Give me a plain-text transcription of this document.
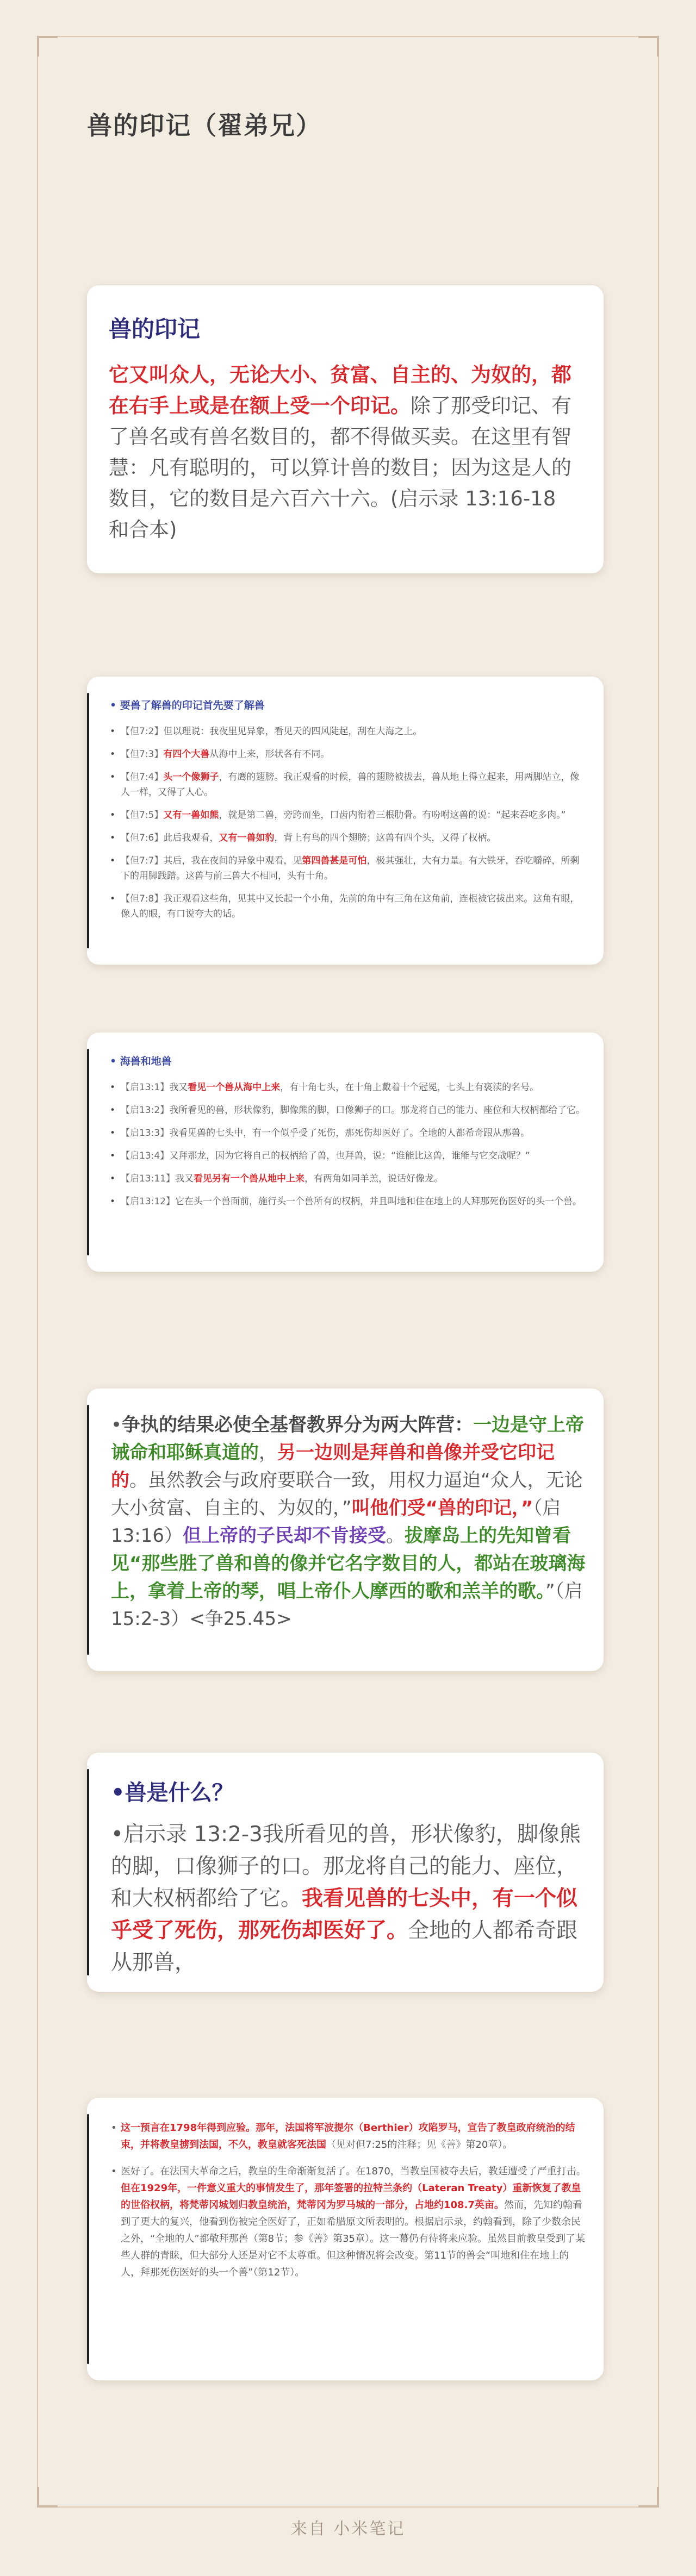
兽的印记（翟弟兄）
兽的印记
它又叫众人，无论大小、贫富、自主的、为奴的，都在右手上或是在额上受一个印记。除了那受印记、有了兽名或有兽名数目的，都不得做买卖。在这里有智慧：凡有聪明的，可以算计兽的数目；因为这是人的数目，它的数目是六百六十六。(启示录 13:16-18 和合本)
• 要兽了解兽的印记首先要了解兽
• 【但7:2】但以理说：我夜里见异象，看见天的四风陡起，刮在大海之上。
• 【但7:3】有四个大兽从海中上来，形状各有不同。
• 【但7:4】头一个像狮子，有鹰的翅膀。我正观看的时候，兽的翅膀被拔去，兽从地上得立起来，用两脚站立，像人一样，又得了人心。
• 【但7:5】又有一兽如熊，就是第二兽，旁跨而坐，口齿内衔着三根肋骨。有吩咐这兽的说：“起来吞吃多肉。”
• 【但7:6】此后我观看，又有一兽如豹，背上有鸟的四个翅膀；这兽有四个头，又得了权柄。
• 【但7:7】其后，我在夜间的异象中观看，见第四兽甚是可怕，极其强壮，大有力量。有大铁牙，吞吃嚼碎，所剩下的用脚践踏。这兽与前三兽大不相同，头有十角。
• 【但7:8】我正观看这些角，见其中又长起一个小角，先前的角中有三角在这角前，连根被它拔出来。这角有眼，像人的眼，有口说夸大的话。
• 海兽和地兽
• 【启13:1】我又看见一个兽从海中上来，有十角七头，在十角上戴着十个冠冕，七头上有亵渎的名号。
• 【启13:2】我所看见的兽，形状像豹，脚像熊的脚，口像狮子的口。那龙将自己的能力、座位和大权柄都给了它。
• 【启13:3】我看见兽的七头中，有一个似乎受了死伤，那死伤却医好了。全地的人都希奇跟从那兽。
• 【启13:4】又拜那龙，因为它将自己的权柄给了兽，也拜兽，说：“谁能比这兽，谁能与它交战呢？”
• 【启13:11】我又看见另有一个兽从地中上来，有两角如同羊羔，说话好像龙。
• 【启13:12】它在头一个兽面前，施行头一个兽所有的权柄，并且叫地和住在地上的人拜那死伤医好的头一个兽。
•争执的结果必使全基督教界分为两大阵营：一边是守上帝诫命和耶稣真道的，另一边则是拜兽和兽像并受它印记的。虽然教会与政府要联合一致，用权力逼迫“众人，无论大小贫富、自主的、为奴的，”叫他们受“兽的印记，”（启13:16）但上帝的子民却不肯接受。拔摩岛上的先知曾看见“那些胜了兽和兽的像并它名字数目的人，都站在玻璃海上，拿着上帝的琴，唱上帝仆人摩西的歌和羔羊的歌。”（启15:2-3）<争25.45>
•兽是什么？
•启示录 13:2-3我所看见的兽，形状像豹，脚像熊的脚，口像狮子的口。那龙将自己的能力、座位，和大权柄都给了它。我看见兽的七头中，有一个似乎受了死伤，那死伤却医好了。全地的人都希奇跟从那兽，
• 这一预言在1798年得到应验。那年，法国将军波提尔（Berthier）攻陷罗马，宣告了教皇政府统治的结束，并将教皇掳到法国，不久，教皇就客死法国（见对但7:25的注释；见《善》第20章）。
• 医好了。在法国大革命之后，教皇的生命渐渐复活了。在1870，当教皇国被夺去后，教廷遭受了严重打击。但在1929年，一件意义重大的事情发生了，那年签署的拉特兰条约（Lateran Treaty）重新恢复了教皇的世俗权柄，将梵蒂冈城划归教皇统治，梵蒂冈为罗马城的一部分，占地约108.7英亩。然而，先知约翰看到了更大的复兴，他看到伤被完全医好了，正如希腊原文所表明的。根据启示录，约翰看到，除了少数余民之外，“全地的人”都敬拜那兽（第8节；参《善》第35章）。这一幕仍有待将来应验。虽然目前教皇受到了某些人群的青睐，但大部分人还是对它不太尊重。但这种情况将会改变。第11节的兽会“叫地和住在地上的人，拜那死伤医好的头一个兽”（第12节）。
来自 小米笔记
